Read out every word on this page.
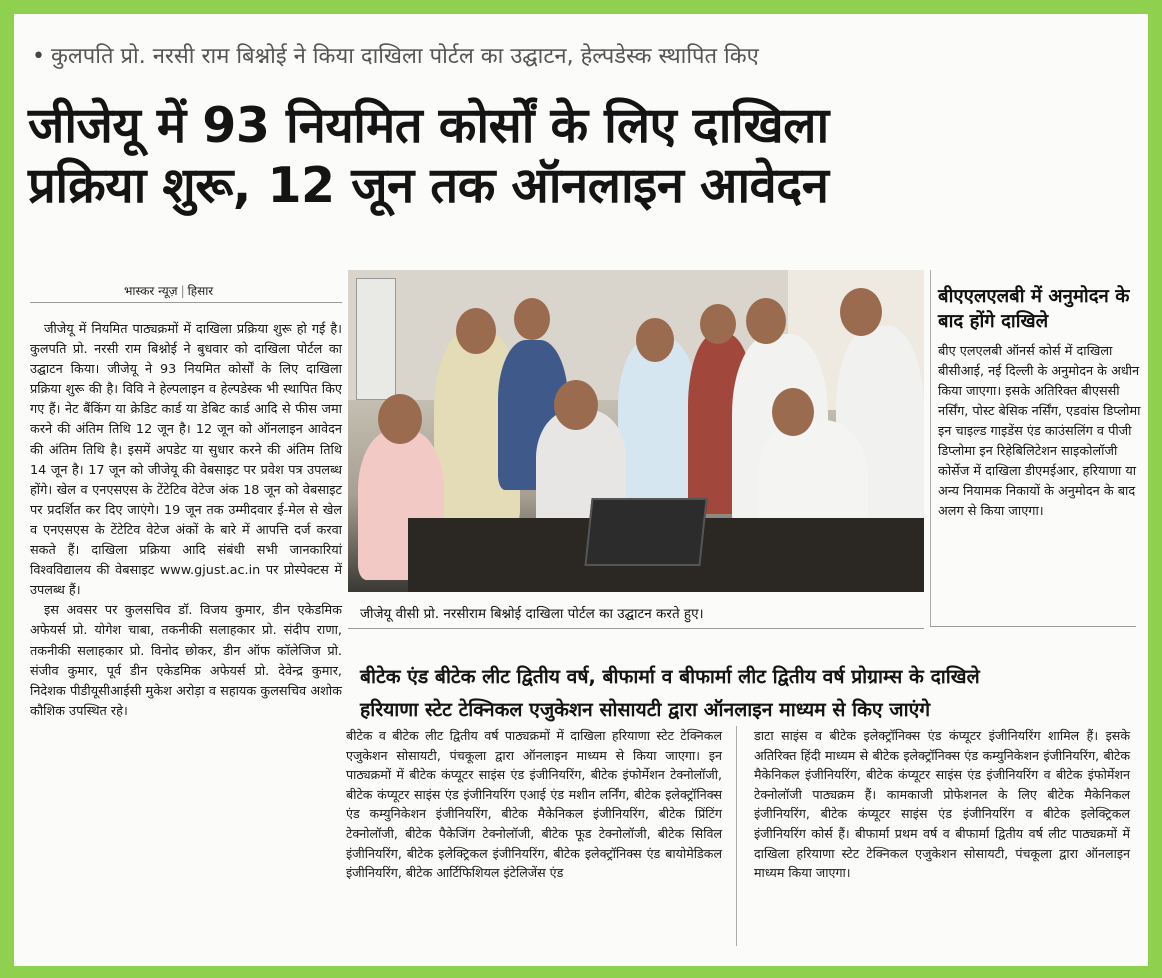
• कुलपति प्रो. नरसी राम बिश्नोई ने किया दाखिला पोर्टल का उद्घाटन, हेल्पडेस्क स्थापित किए
जीजेयू में 93 नियमित कोर्सों के लिए दाखिला
प्रक्रिया शुरू, 12 जून तक ऑनलाइन आवेदन
भास्कर न्यूज़ | हिसार

जीजेयू में नियमित पाठ्यक्रमों में दाखिला प्रक्रिया शुरू हो गई है। कुलपति प्रो. नरसी राम बिश्नोई ने बुधवार को दाखिला पोर्टल का उद्घाटन किया। जीजेयू ने 93 नियमित कोर्सों के लिए दाखिला प्रक्रिया शुरू की है। विवि ने हेल्पलाइन व हेल्पडेस्क भी स्थापित किए गए हैं। नेट बैंकिंग या क्रेडिट कार्ड या डेबिट कार्ड आदि से फीस जमा करने की अंतिम तिथि 12 जून है। 12 जून को ऑनलाइन आवेदन की अंतिम तिथि है। इसमें अपडेट या सुधार करने की अंतिम तिथि 14 जून है। 17 जून को जीजेयू की वेबसाइट पर प्रवेश पत्र उपलब्ध होंगे। खेल व एनएसएस के टेंटेटिव वेटेज अंक 18 जून को वेबसाइट पर प्रदर्शित कर दिए जाएंगे। 19 जून तक उम्मीदवार ई-मेल से खेल व एनएसएस के टेंटेटिव वेटेज अंकों के बारे में आपत्ति दर्ज करवा सकते हैं। दाखिला प्रक्रिया आदि संबंधी सभी जानकारियां विश्वविद्यालय की वेबसाइट www.gjust.ac.in पर प्रोस्पेक्टस में उपलब्ध हैं।

इस अवसर पर कुलसचिव डॉ. विजय कुमार, डीन एकेडमिक अफेयर्स प्रो. योगेश चाबा, तकनीकी सलाहकार प्रो. संदीप राणा, तकनीकी सलाहकार प्रो. विनोद छोकर, डीन ऑफ कॉलेजिज प्रो. संजीव कुमार, पूर्व डीन एकेडमिक अफेयर्स प्रो. देवेन्द्र कुमार, निदेशक पीडीयूसीआईसी मुकेश अरोड़ा व सहायक कुलसचिव अशोक कौशिक उपस्थित रहे।

जीजेयू वीसी प्रो. नरसीराम बिश्नोई दाखिला पोर्टल का उद्घाटन करते हुए।
बीएएलएलबी में अनुमोदन के बाद होंगे दाखिले

बीए एलएलबी ऑनर्स कोर्स में दाखिला बीसीआई, नई दिल्ली के अनुमोदन के अधीन किया जाएगा। इसके अतिरिक्त बीएससी नर्सिंग, पोस्ट बेसिक नर्सिंग, एडवांस डिप्लोमा इन चाइल्ड गाइडेंस एंड काउंसलिंग व पीजी डिप्लोमा इन रिहेबिलिटेशन साइकोलॉजी कोर्सेज में दाखिला डीएमईआर, हरियाणा या अन्य नियामक निकायों के अनुमोदन के बाद अलग से किया जाएगा।

बीटेक एंड बीटेक लीट द्वितीय वर्ष, बीफार्मा व बीफार्मा लीट द्वितीय वर्ष प्रोग्राम्स के दाखिले
हरियाणा स्टेट टेक्निकल एजुकेशन सोसायटी द्वारा ऑनलाइन माध्यम से किए जाएंगे

बीटेक व बीटेक लीट द्वितीय वर्ष पाठ्यक्रमों में दाखिला हरियाणा स्टेट टेक्निकल एजुकेशन सोसायटी, पंचकूला द्वारा ऑनलाइन माध्यम से किया जाएगा। इन पाठ्यक्रमों में बीटेक कंप्यूटर साइंस एंड इंजीनियरिंग, बीटेक इंफोर्मेशन टेक्नोलॉजी, बीटेक कंप्यूटर साइंस एंड इंजीनियरिंग एआई एंड मशीन लर्निंग, बीटेक इलेक्ट्रॉनिक्स एंड कम्युनिकेशन इंजीनियरिंग, बीटेक मैकेनिकल इंजीनियरिंग, बीटेक प्रिंटिंग टेक्नोलॉजी, बीटेक पैकेजिंग टेक्नोलॉजी, बीटेक फूड टेक्नोलॉजी, बीटेक सिविल इंजीनियरिंग, बीटेक इलेक्ट्रिकल इंजीनियरिंग, बीटेक इलेक्ट्रॉनिक्स एंड बायोमेडिकल इंजीनियरिंग, बीटेक आर्टिफिशियल इंटेलिजेंस एंड

डाटा साइंस व बीटेक इलेक्ट्रॉनिक्स एंड कंप्यूटर इंजीनियरिंग शामिल हैं। इसके अतिरिक्त हिंदी माध्यम से बीटेक इलेक्ट्रॉनिक्स एंड कम्युनिकेशन इंजीनियरिंग, बीटेक मैकेनिकल इंजीनियरिंग, बीटेक कंप्यूटर साइंस एंड इंजीनियरिंग व बीटेक इंफोर्मेशन टेक्नोलॉजी पाठ्यक्रम हैं। कामकाजी प्रोफेशनल के लिए बीटेक मैकेनिकल इंजीनियरिंग, बीटेक कंप्यूटर साइंस एंड इंजीनियरिंग व बीटेक इलेक्ट्रिकल इंजीनियरिंग कोर्स हैं। बीफार्मा प्रथम वर्ष व बीफार्मा द्वितीय वर्ष लीट पाठ्यक्रमों में दाखिला हरियाणा स्टेट टेक्निकल एजुकेशन सोसायटी, पंचकूला द्वारा ऑनलाइन माध्यम किया जाएगा।
